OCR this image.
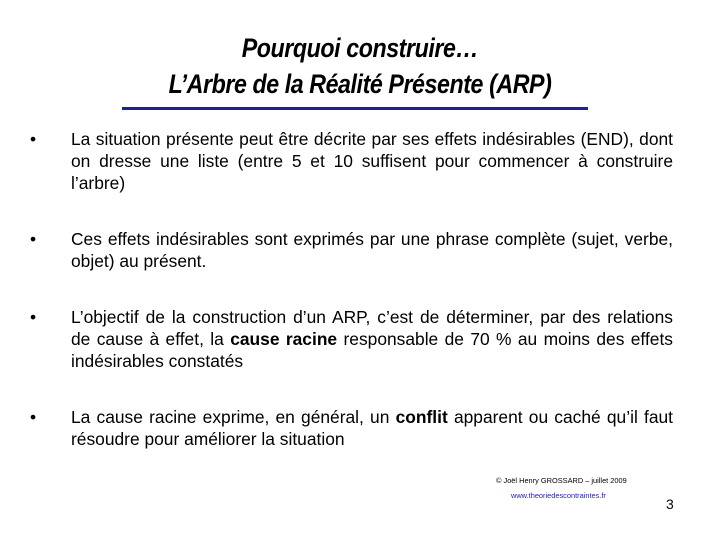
Pourquoi construire…
L’Arbre de la Réalité Présente (ARP)
•	La situation présente peut être décrite par ses effets indésirables (END), dont on dresse une liste (entre 5 et 10 suffisent pour commencer à construire l’arbre)
•	Ces effets indésirables sont exprimés par une phrase complète (sujet, verbe, objet) au présent.
•	L’objectif de la construction d’un ARP, c’est de déterminer, par des relations de cause à effet, la cause racine responsable de 70 % au moins des effets indésirables constatés
•	La cause racine exprime, en général, un conflit apparent ou caché qu’il faut résoudre pour améliorer la situation
© Joël Henry GROSSARD – juillet 2009
www.theoriedescontraintes.fr
3
